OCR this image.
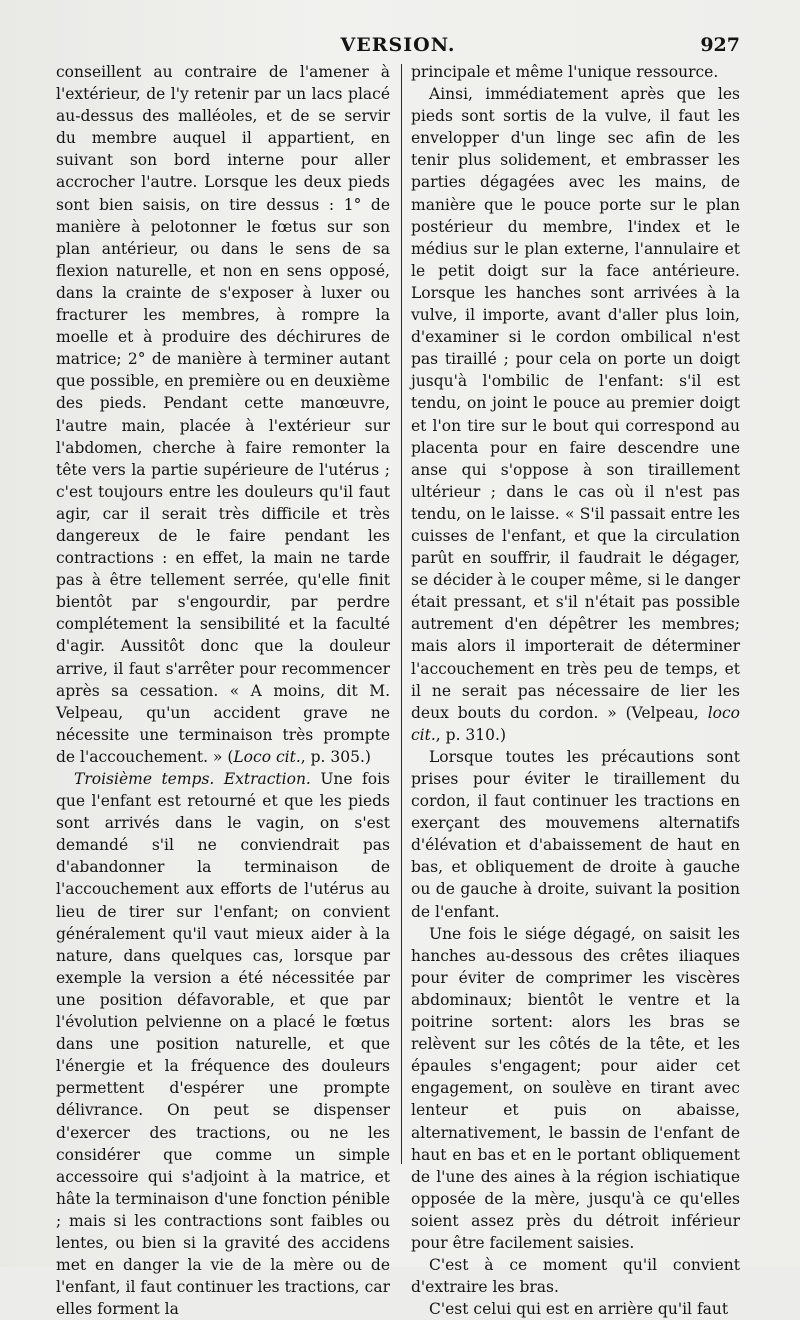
VERSION.	927

conseillent au contraire de l'amener à l'extérieur, de l'y retenir par un lacs placé au-dessus des malléoles, et de se servir du membre auquel il appartient, en suivant son bord interne pour aller accrocher l'autre. Lorsque les deux pieds sont bien saisis, on tire dessus : 1° de manière à pelotonner le fœtus sur son plan antérieur, ou dans le sens de sa flexion naturelle, et non en sens opposé, dans la crainte de s'exposer à luxer ou fracturer les membres, à rompre la moelle et à produire des déchirures de matrice; 2° de manière à terminer autant que possible, en première ou en deuxième des pieds. Pendant cette manœuvre, l'autre main, placée à l'extérieur sur l'abdomen, cherche à faire remonter la tête vers la partie supérieure de l'utérus ; c'est toujours entre les douleurs qu'il faut agir, car il serait très difficile et très dangereux de le faire pendant les contractions : en effet, la main ne tarde pas à être tellement serrée, qu'elle finit bientôt par s'engourdir, par perdre complétement la sensibilité et la faculté d'agir. Aussitôt donc que la douleur arrive, il faut s'arrêter pour recommencer après sa cessation. « A moins, dit M. Velpeau, qu'un accident grave ne nécessite une terminaison très prompte de l'accouchement. » (Loco cit., p. 305.)

Troisième temps. Extraction. Une fois que l'enfant est retourné et que les pieds sont arrivés dans le vagin, on s'est demandé s'il ne conviendrait pas d'abandonner la terminaison de l'accouchement aux efforts de l'utérus au lieu de tirer sur l'enfant; on convient généralement qu'il vaut mieux aider à la nature, dans quelques cas, lorsque par exemple la version a été nécessitée par une position défavorable, et que par l'évolution pelvienne on a placé le fœtus dans une position naturelle, et que l'énergie et la fréquence des douleurs permettent d'espérer une prompte délivrance. On peut se dispenser d'exercer des tractions, ou ne les considérer que comme un simple accessoire qui s'adjoint à la matrice, et hâte la terminaison d'une fonction pénible ; mais si les contractions sont faibles ou lentes, ou bien si la gravité des accidens met en danger la vie de la mère ou de l'enfant, il faut continuer les tractions, car elles forment la

principale et même l'unique ressource.

Ainsi, immédiatement après que les pieds sont sortis de la vulve, il faut les envelopper d'un linge sec afin de les tenir plus solidement, et embrasser les parties dégagées avec les mains, de manière que le pouce porte sur le plan postérieur du membre, l'index et le médius sur le plan externe, l'annulaire et le petit doigt sur la face antérieure. Lorsque les hanches sont arrivées à la vulve, il importe, avant d'aller plus loin, d'examiner si le cordon ombilical n'est pas tiraillé ; pour cela on porte un doigt jusqu'à l'ombilic de l'enfant: s'il est tendu, on joint le pouce au premier doigt et l'on tire sur le bout qui correspond au placenta pour en faire descendre une anse qui s'oppose à son tiraillement ultérieur ; dans le cas où il n'est pas tendu, on le laisse. « S'il passait entre les cuisses de l'enfant, et que la circulation parût en souffrir, il faudrait le dégager, se décider à le couper même, si le danger était pressant, et s'il n'était pas possible autrement d'en dépêtrer les membres; mais alors il importerait de déterminer l'accouchement en très peu de temps, et il ne serait pas nécessaire de lier les deux bouts du cordon. » (Velpeau, loco cit., p. 310.)

Lorsque toutes les précautions sont prises pour éviter le tiraillement du cordon, il faut continuer les tractions en exerçant des mouvemens alternatifs d'élévation et d'abaissement de haut en bas, et obliquement de droite à gauche ou de gauche à droite, suivant la position de l'enfant.

Une fois le siége dégagé, on saisit les hanches au-dessous des crêtes iliaques pour éviter de comprimer les viscères abdominaux; bientôt le ventre et la poitrine sortent: alors les bras se relèvent sur les côtés de la tête, et les épaules s'engagent; pour aider cet engagement, on soulève en tirant avec lenteur et puis on abaisse, alternativement, le bassin de l'enfant de haut en bas et en le portant obliquement de l'une des aines à la région ischiatique opposée de la mère, jusqu'à ce qu'elles soient assez près du détroit inférieur pour être facilement saisies.

C'est à ce moment qu'il convient d'extraire les bras.

C'est celui qui est en arrière qu'il faut
